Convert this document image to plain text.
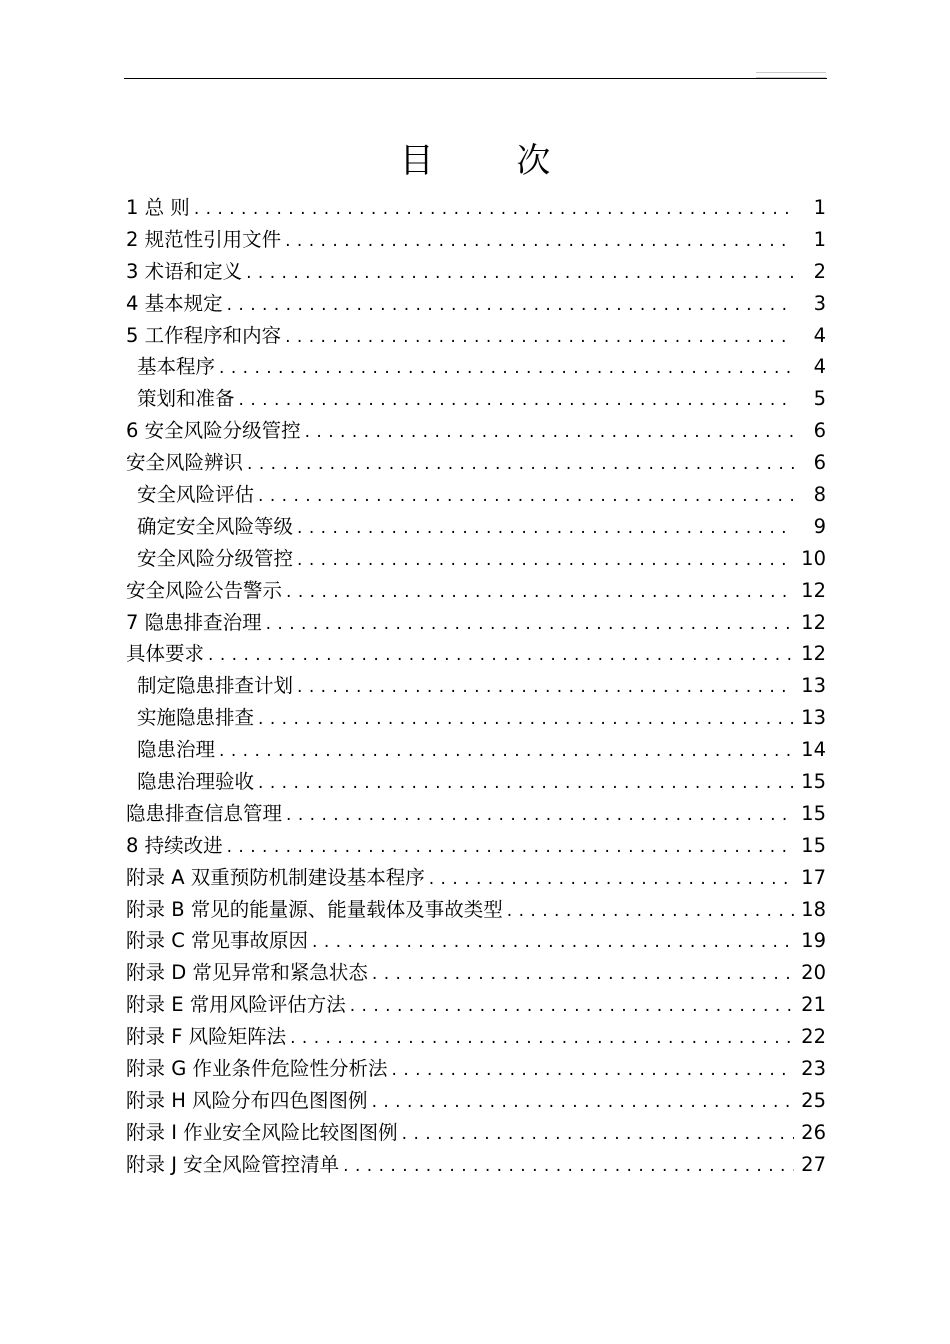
目 次
1 总 则 . . .	1
2 规范性引用文件 . . .	1
3 术语和定义 . . .	2
4 基本规定 . . .	3
5 工作程序和内容 . . .	4
基本程序 . . .	4
策划和准备 . . .	5
6 安全风险分级管控 . . .	6
安全风险辨识 . . .	6
安全风险评估 . . .	8
确定安全风险等级 . . .	9
安全风险分级管控 . . .	10
安全风险公告警示 . . .	12
7 隐患排查治理 . . .	12
具体要求 . . .	12
制定隐患排查计划 . . .	13
实施隐患排查 . . .	13
隐患治理 . . .	14
隐患治理验收 . . .	15
隐患排查信息管理 . . .	15
8 持续改进 . . .	15
附录 A 双重预防机制建设基本程序 . . .	17
附录 B 常见的能量源、能量载体及事故类型 . . .	18
附录 C 常见事故原因 . . .	19
附录 D 常见异常和紧急状态 . . .	20
附录 E 常用风险评估方法 . . .	21
附录 F 风险矩阵法 . . .	22
附录 G 作业条件危险性分析法 . . .	23
附录 H 风险分布四色图图例 . . .	25
附录 I 作业安全风险比较图图例 . . .	26
附录 J 安全风险管控清单 . . .	27
